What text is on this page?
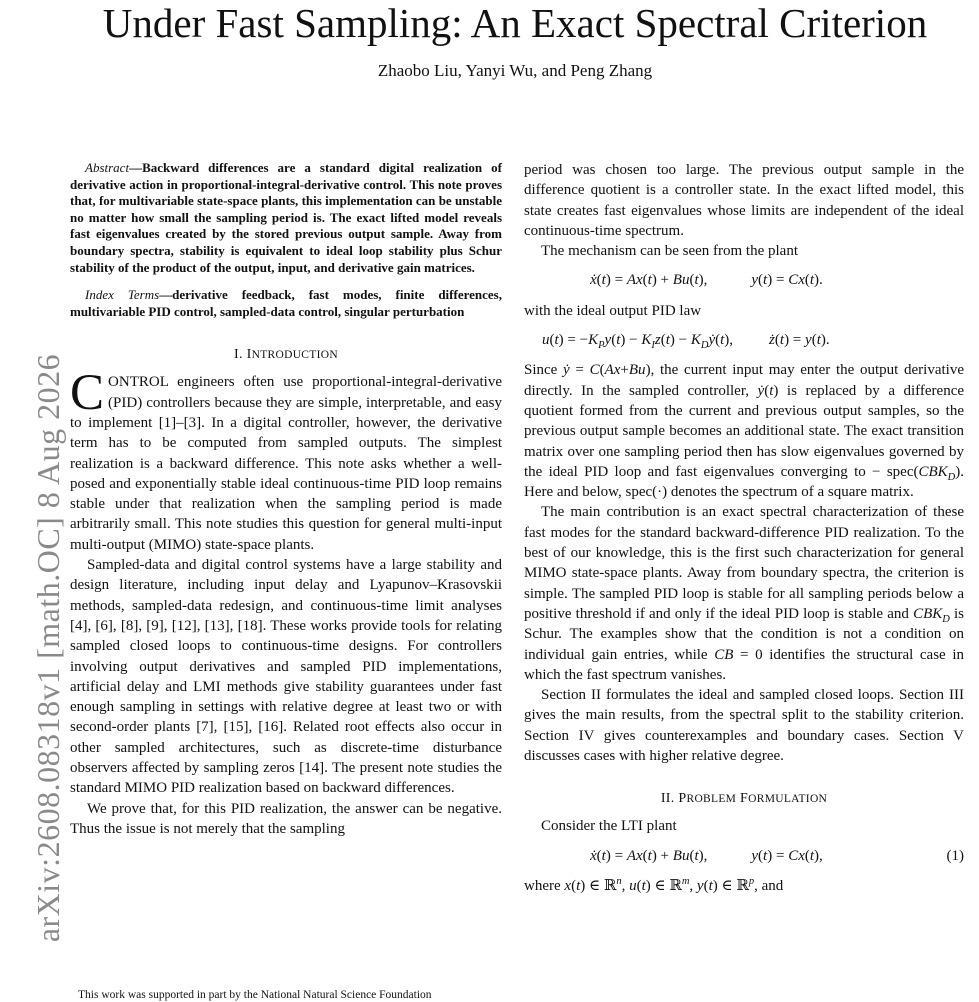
Under Fast Sampling: An Exact Spectral Criterion
Zhaobo Liu, Yanyi Wu, and Peng Zhang
arXiv:2608.08318v1 [math.OC] 8 Aug 2026

Abstract—Backward differences are a standard digital realization of derivative action in proportional-integral-derivative control. This note proves that, for multivariable state-space plants, this implementation can be unstable no matter how small the sampling period is. The exact lifted model reveals fast eigenvalues created by the stored previous output sample. Away from boundary spectra, stability is equivalent to ideal loop stability plus Schur stability of the product of the output, input, and derivative gain matrices.

Index Terms—derivative feedback, fast modes, finite differences, multivariable PID control, sampled-data control, singular perturbation

I. INTRODUCTION

CONTROL engineers often use proportional-integral-derivative (PID) controllers because they are simple, interpretable, and easy to implement [1]–[3]. In a digital controller, however, the derivative term has to be computed from sampled outputs. The simplest realization is a backward difference. This note asks whether a well-posed and exponentially stable ideal continuous-time PID loop remains stable under that realization when the sampling period is made arbitrarily small. This note studies this question for general multi-input multi-output (MIMO) state-space plants.

Sampled-data and digital control systems have a large stability and design literature, including input delay and Lyapunov–Krasovskii methods, sampled-data redesign, and continuous-time limit analyses [4], [6], [8], [9], [12], [13], [18]. These works provide tools for relating sampled closed loops to continuous-time designs. For controllers involving output derivatives and sampled PID implementations, artificial delay and LMI methods give stability guarantees under fast enough sampling in settings with relative degree at least two or with second-order plants [7], [15], [16]. Related root effects also occur in other sampled architectures, such as discrete-time disturbance observers affected by sampling zeros [14]. The present note studies the standard MIMO PID realization based on backward differences.

We prove that, for this PID realization, the answer can be negative. Thus the issue is not merely that the sampling

period was chosen too large. The previous output sample in the difference quotient is a controller state. In the exact lifted model, this state creates fast eigenvalues whose limits are independent of the ideal continuous-time spectrum.

The mechanism can be seen from the plant

ẋ(t) = Ax(t) + Bu(t),	y(t) = Cx(t).

with the ideal output PID law

$u(t) = -K_Py(t) - K_Iz(t)$ − $K_Dẏ(t)$, ż(t) = y(t).

Since ẏ = C(Ax+Bu), the current input may enter the output derivative directly. In the sampled controller, ẏ(t) is replaced by a difference quotient formed from the current and previous output samples, so the previous output sample becomes an additional state. The exact transition matrix over one sampling period then has slow eigenvalues governed by the ideal PID loop and fast eigenvalues converging to − $spec(CBK_D)$. Here and below, spec(·) denotes the spectrum of a square matrix.

The main contribution is an exact spectral characterization of these fast modes for the standard backward-difference PID realization. To the best of our knowledge, this is the first such characterization for general MIMO state-space plants. Away from boundary spectra, the criterion is simple. The sampled PID loop is stable for all sampling periods below a positive threshold if and only if the ideal PID loop is stable and $CBK_D$ is Schur. The examples show that the condition is not a condition on individual gain entries, while CB = 0 identifies the structural case in which the fast spectrum vanishes.

Section II formulates the ideal and sampled closed loops. Section III gives the main results, from the spectral split to the stability criterion. Section IV gives counterexamples and boundary cases. Section V discusses cases with higher relative degree.

II. PROBLEM FORMULATION

Consider the LTI plant

ẋ(t) = Ax(t) + Bu(t),	y(t) = Cx(t),	(1)

where x(t) ∈ ℝ$^n$, u(t) ∈ ℝ$^m$, y(t) ∈ ℝ$^p$, and

This work was supported in part by the National Natural Science Foundation
